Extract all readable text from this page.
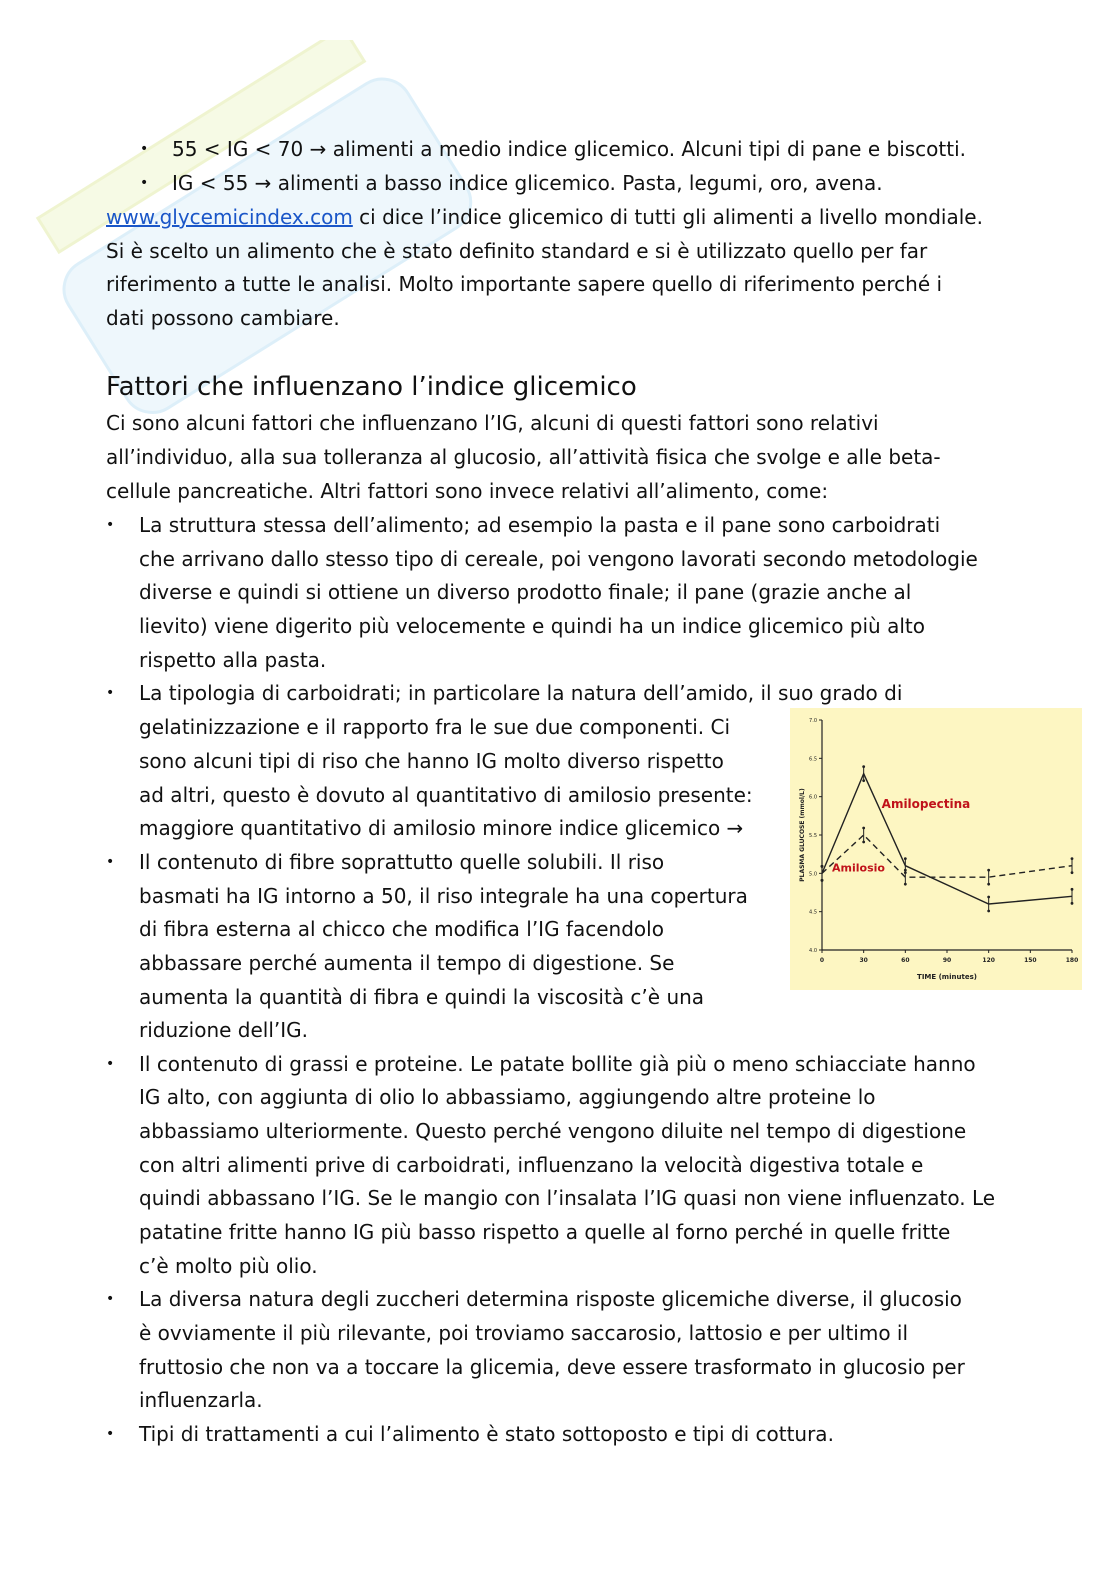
• 55 < IG < 70 → alimenti a medio indice glicemico. Alcuni tipi di pane e biscotti.
• IG < 55 → alimenti a basso indice glicemico. Pasta, legumi, oro, avena.
www.glycemicindex.com ci dice l’indice glicemico di tutti gli alimenti a livello mondiale.
Si è scelto un alimento che è stato definito standard e si è utilizzato quello per far
riferimento a tutte le analisi. Molto importante sapere quello di riferimento perché i
dati possono cambiare.
Fattori che influenzano l’indice glicemico
Ci sono alcuni fattori che influenzano l’IG, alcuni di questi fattori sono relativi
all’individuo, alla sua tolleranza al glucosio, all’attività fisica che svolge e alle beta-
cellule pancreatiche. Altri fattori sono invece relativi all’alimento, come:
• La struttura stessa dell’alimento; ad esempio la pasta e il pane sono carboidrati
che arrivano dallo stesso tipo di cereale, poi vengono lavorati secondo metodologie
diverse e quindi si ottiene un diverso prodotto finale; il pane (grazie anche al
lievito) viene digerito più velocemente e quindi ha un indice glicemico più alto
rispetto alla pasta.
• La tipologia di carboidrati; in particolare la natura dell’amido, il suo grado di
gelatinizzazione e il rapporto fra le sue due componenti. Ci
sono alcuni tipi di riso che hanno IG molto diverso rispetto
ad altri, questo è dovuto al quantitativo di amilosio presente:
maggiore quantitativo di amilosio minore indice glicemico →
• Il contenuto di fibre soprattutto quelle solubili. Il riso
basmati ha IG intorno a 50, il riso integrale ha una copertura
di fibra esterna al chicco che modifica l’IG facendolo
abbassare perché aumenta il tempo di digestione. Se
aumenta la quantità di fibra e quindi la viscosità c’è una
riduzione dell’IG.
• Il contenuto di grassi e proteine. Le patate bollite già più o meno schiacciate hanno
IG alto, con aggiunta di olio lo abbassiamo, aggiungendo altre proteine lo
abbassiamo ulteriormente. Questo perché vengono diluite nel tempo di digestione
con altri alimenti prive di carboidrati, influenzano la velocità digestiva totale e
quindi abbassano l’IG. Se le mangio con l’insalata l’IG quasi non viene influenzato. Le
patatine fritte hanno IG più basso rispetto a quelle al forno perché in quelle fritte
c’è molto più olio.
• La diversa natura degli zuccheri determina risposte glicemiche diverse, il glucosio
è ovviamente il più rilevante, poi troviamo saccarosio, lattosio e per ultimo il
fruttosio che non va a toccare la glicemia, deve essere trasformato in glucosio per
influenzarla.
• Tipi di trattamenti a cui l’alimento è stato sottoposto e tipi di cottura.
4.0
4.5
5.0
5.5
6.0
6.5
7.0
0	30	60	90	120	150	180
TIME (minutes)
PLASMA GLUCOSE (mmol/L)	Amilopectina
Amilosio
